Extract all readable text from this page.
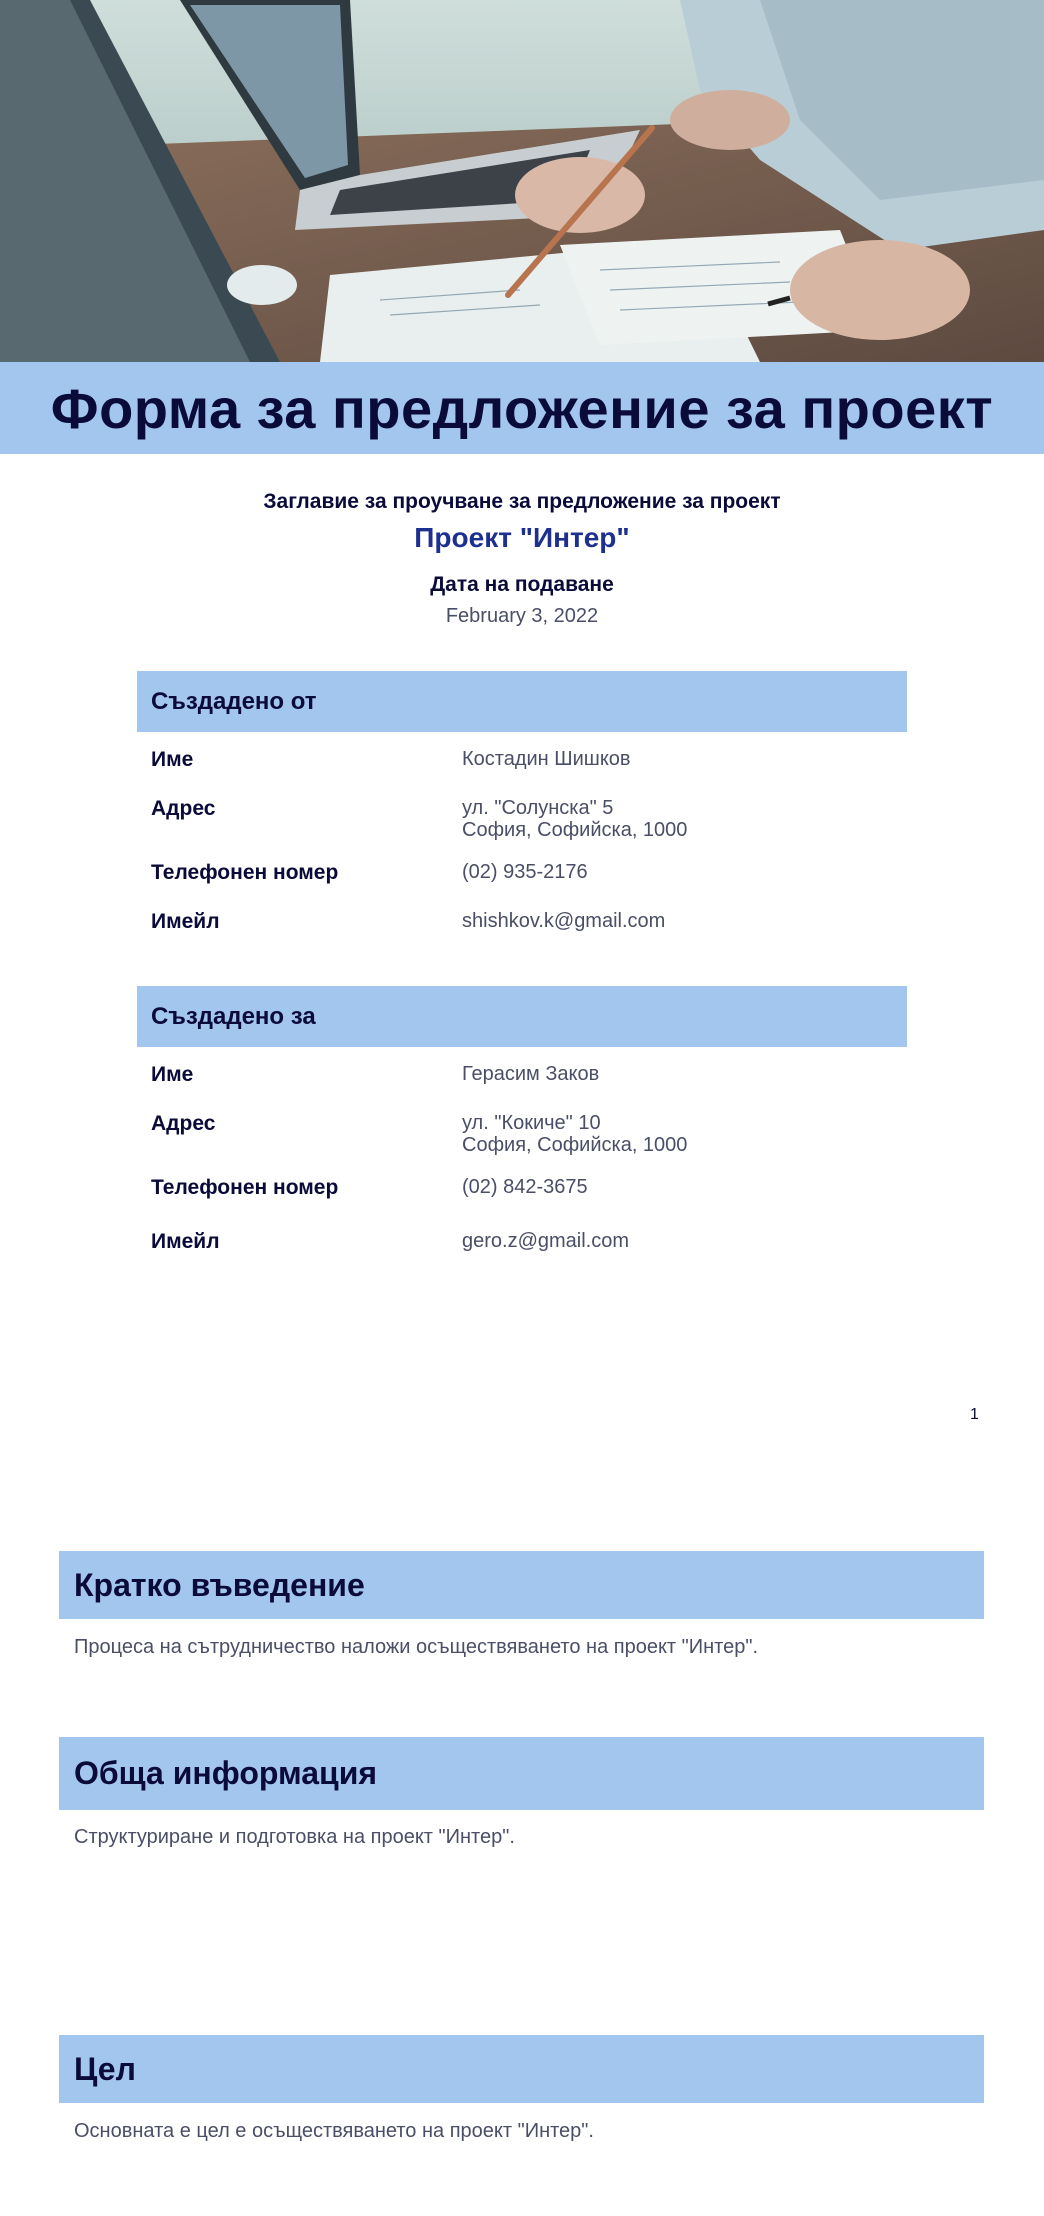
Форма за предложение за проект
Заглавие за проучване за предложение за проект
Проект "Интер"
Дата на подаване
February 3, 2022
Създадено от
Име	Костадин Шишков
Адрес	ул. "Солунска" 5
София, Софийска, 1000
Телефонен номер	(02) 935-2176
Имейл	shishkov.k@gmail.com
Създадено за
Име	Герасим Заков
Адрес	ул. "Кокиче" 10
София, Софийска, 1000
Телефонен номер	(02) 842-3675
Имейл	gero.z@gmail.com
1
Кратко въведение
Процеса на сътрудничество наложи осъществяването на проект "Интер".
Обща информация
Структуриране и подготовка на проект "Интер".
Цел
Основната е цел е осъществяването на проект "Интер".
